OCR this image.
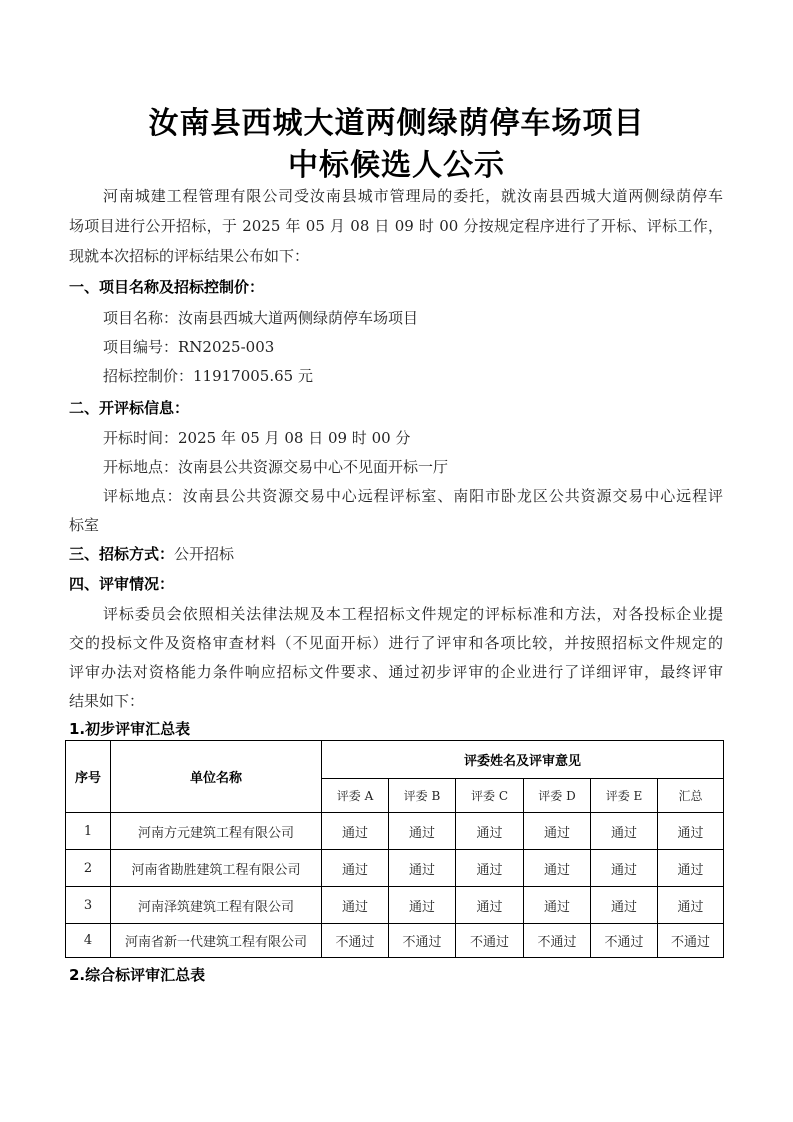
汝南县西城大道两侧绿荫停车场项目
中标候选人公示
河南城建工程管理有限公司受汝南县城市管理局的委托，就汝南县西城大道两侧绿荫停车
场项目进行公开招标，于 2025 年 05 月 08 日 09 时 00 分按规定程序进行了开标、评标工作，
现就本次招标的评标结果公布如下：
一、项目名称及招标控制价：
项目名称：汝南县西城大道两侧绿荫停车场项目
项目编号：RN2025-003
招标控制价：11917005.65 元
二、开评标信息：
开标时间：2025 年 05 月 08 日 09 时 00 分
开标地点：汝南县公共资源交易中心不见面开标一厅
评标地点：汝南县公共资源交易中心远程评标室、南阳市卧龙区公共资源交易中心远程评
标室
三、招标方式：公开招标
四、评审情况：
评标委员会依照相关法律法规及本工程招标文件规定的评标标准和方法，对各投标企业提
交的投标文件及资格审查材料（不见面开标）进行了评审和各项比较，并按照招标文件规定的
评审办法对资格能力条件响应招标文件要求、通过初步评审的企业进行了详细评审，最终评审
结果如下：
1.初步评审汇总表
序号	单位名称	评委姓名及评审意见					
		评委 A	评委 B	评委 C	评委 D	评委 E	汇总
1	河南方元建筑工程有限公司	通过	通过	通过	通过	通过	通过
2	河南省勘胜建筑工程有限公司	通过	通过	通过	通过	通过	通过
3	河南泽筑建筑工程有限公司	通过	通过	通过	通过	通过	通过
4	河南省新一代建筑工程有限公司	不通过	不通过	不通过	不通过	不通过	不通过
2.综合标评审汇总表
